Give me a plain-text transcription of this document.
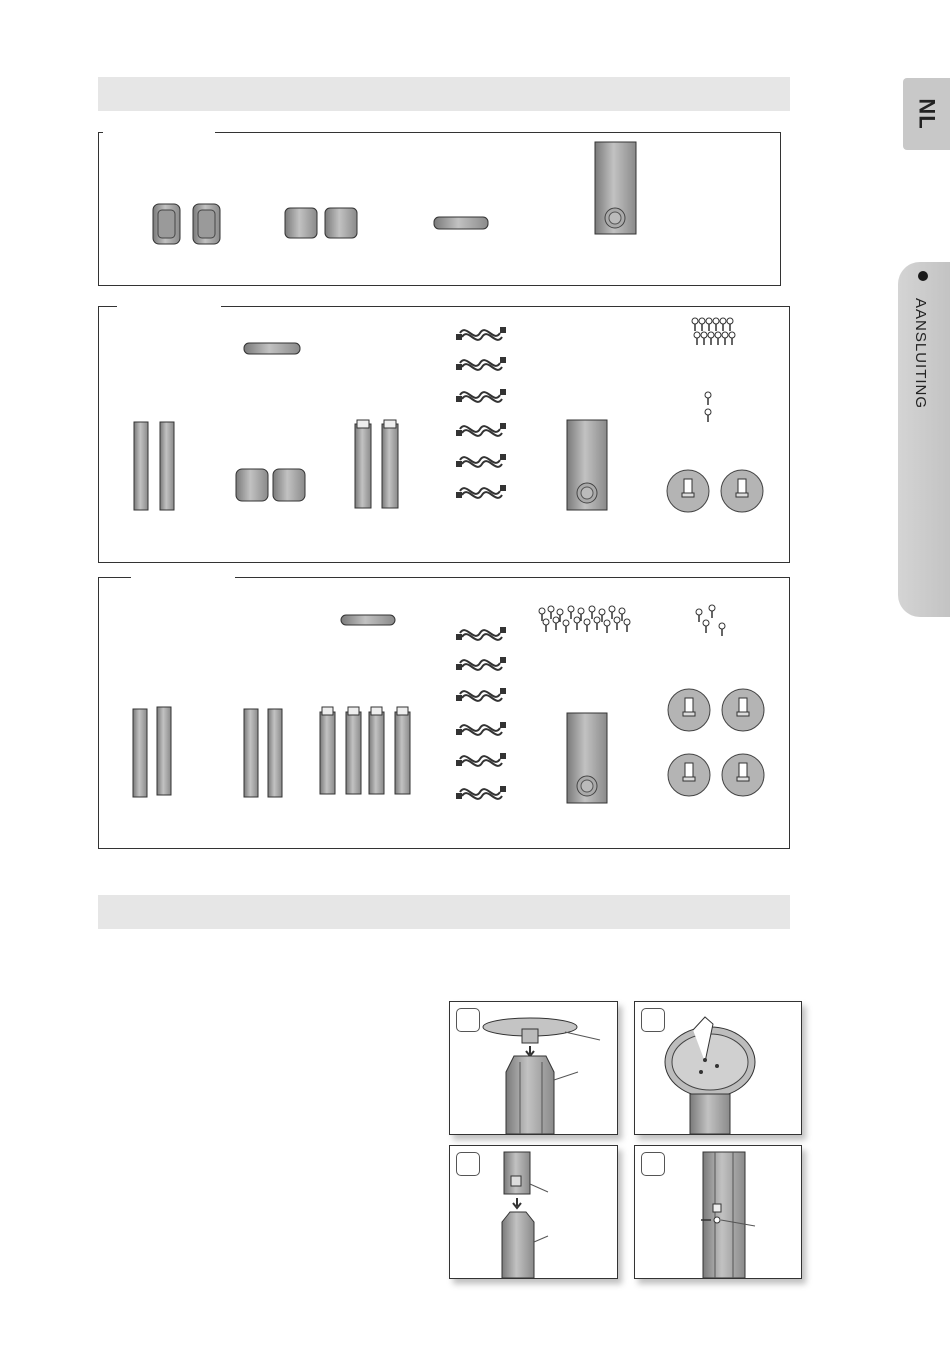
NL
AANSLUITING
